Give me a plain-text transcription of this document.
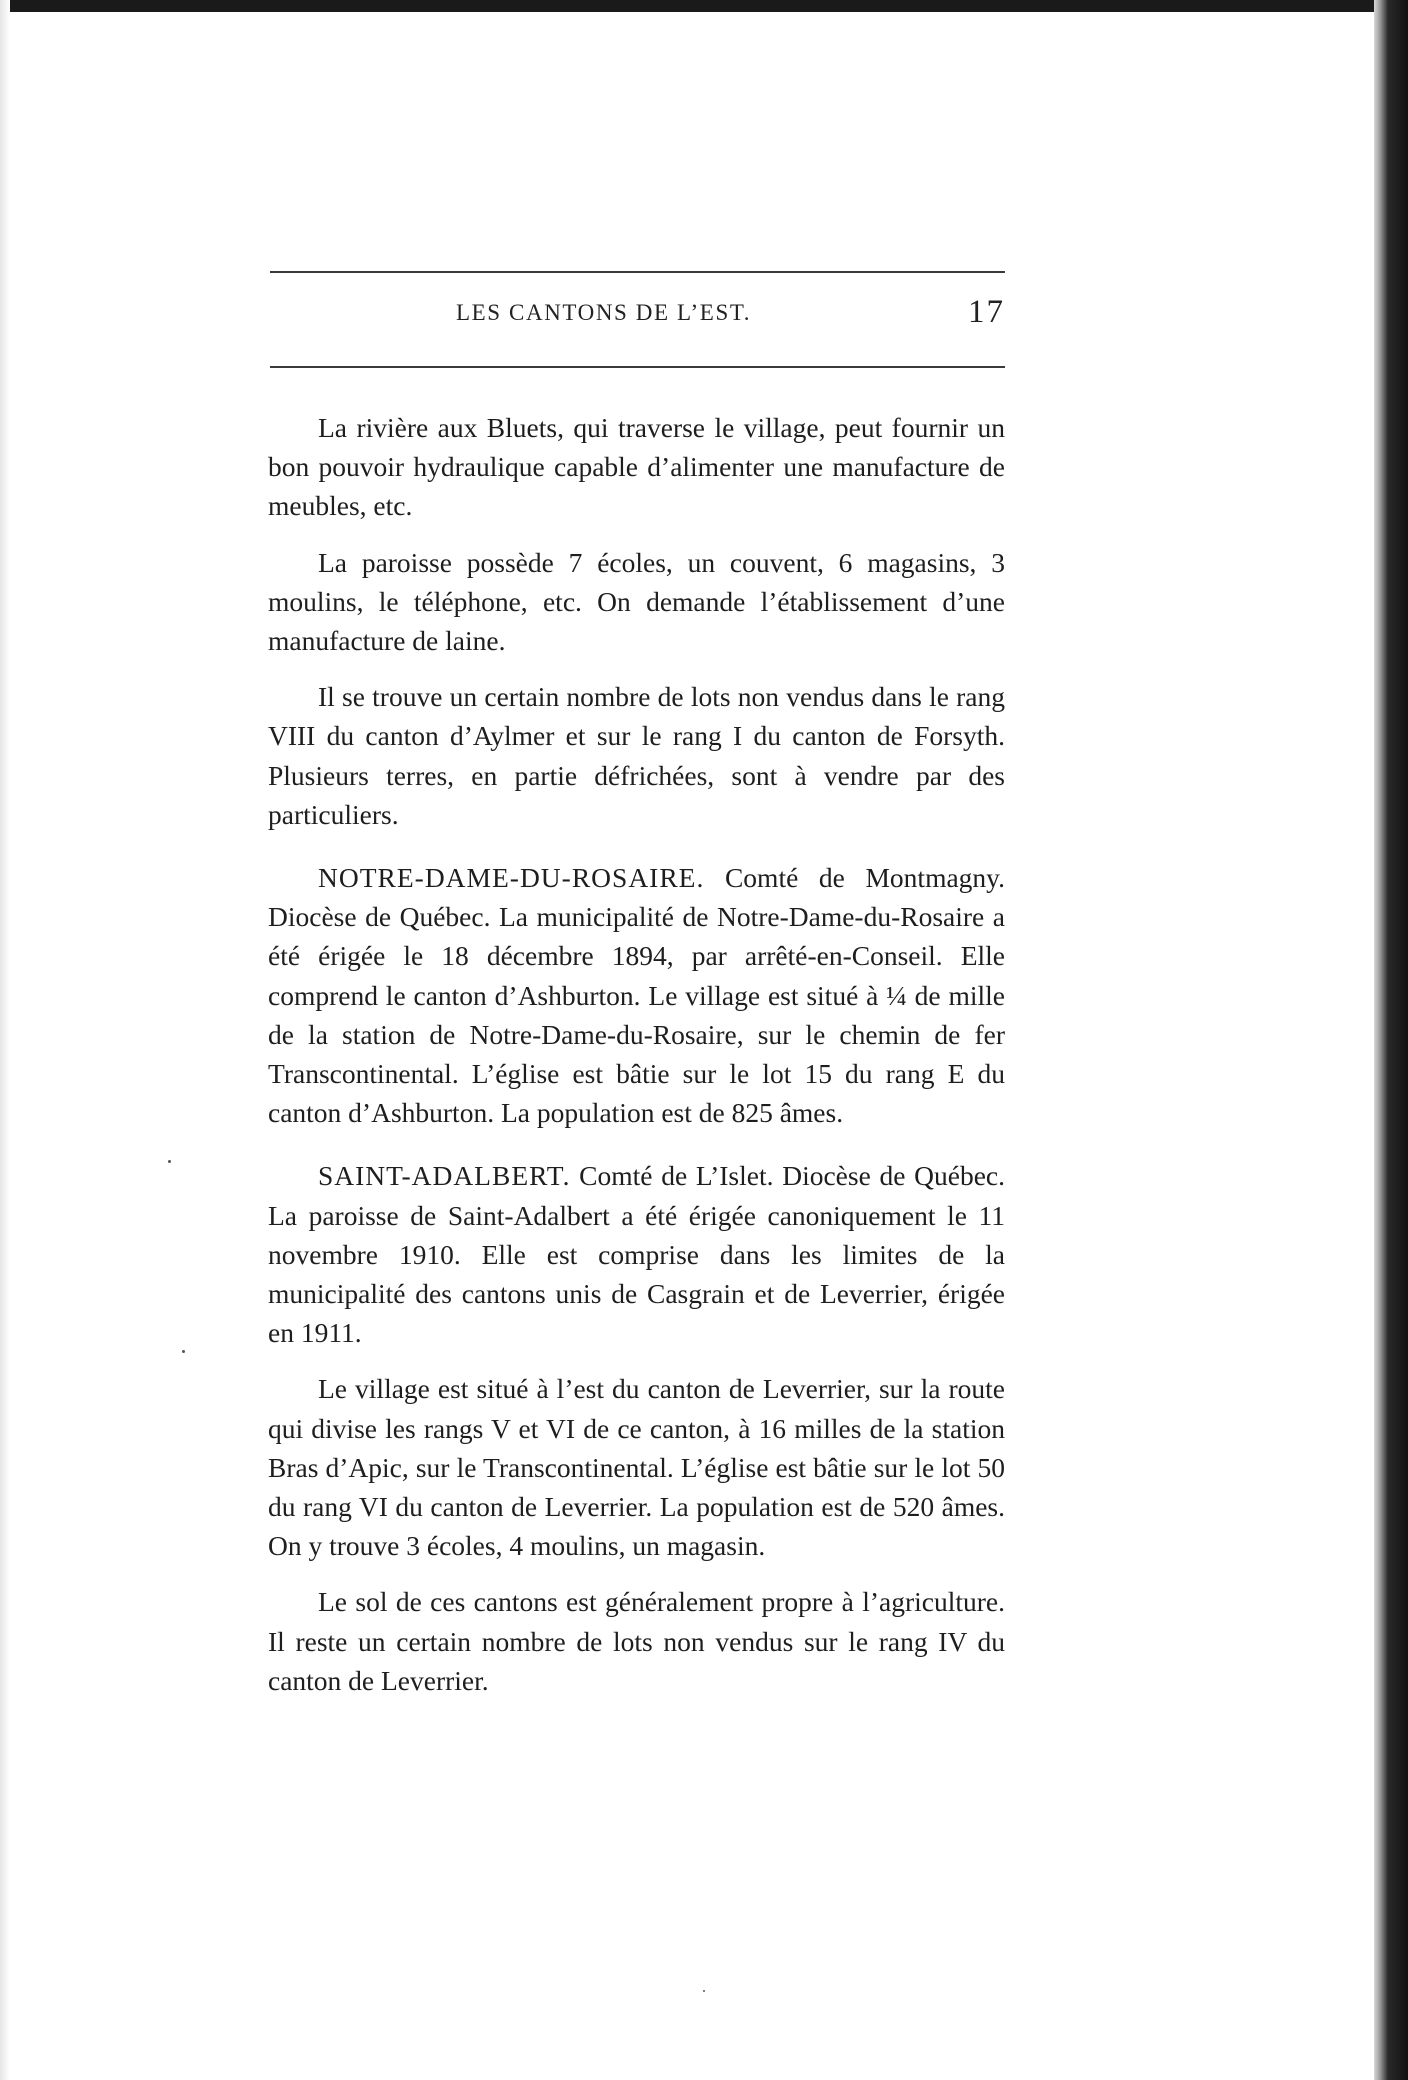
LES CANTONS DE L’EST.	17

La rivière aux Bluets, qui traverse le village, peut fournir un bon pouvoir hydraulique capable d’alimenter une manufacture de meubles, etc.

La paroisse possède 7 écoles, un couvent, 6 magasins, 3 moulins, le téléphone, etc. On demande l’établissement d’une manufacture de laine.

Il se trouve un certain nombre de lots non vendus dans le rang VIII du canton d’Aylmer et sur le rang I du canton de Forsyth. Plusieurs terres, en partie défrichées, sont à vendre par des particuliers.

NOTRE-DAME-DU-ROSAIRE. Comté de Montmagny. Diocèse de Québec. La municipalité de Notre-Dame-du-Rosaire a été érigée le 18 décembre 1894, par arrêté-en-Conseil. Elle comprend le canton d’Ashburton. Le village est situé à ¼ de mille de la station de Notre-Dame-du-Rosaire, sur le chemin de fer Transcontinental. L’église est bâtie sur le lot 15 du rang E du canton d’Ashburton. La population est de 825 âmes.

SAINT-ADALBERT. Comté de L’Islet. Diocèse de Québec. La paroisse de Saint-Adalbert a été érigée canoniquement le 11 novembre 1910. Elle est comprise dans les limites de la municipalité des cantons unis de Casgrain et de Leverrier, érigée en 1911.

Le village est situé à l’est du canton de Leverrier, sur la route qui divise les rangs V et VI de ce canton, à 16 milles de la station Bras d’Apic, sur le Transcontinental. L’église est bâtie sur le lot 50 du rang VI du canton de Leverrier. La population est de 520 âmes. On y trouve 3 écoles, 4 moulins, un magasin.

Le sol de ces cantons est généralement propre à l’agriculture. Il reste un certain nombre de lots non vendus sur le rang IV du canton de Leverrier.
